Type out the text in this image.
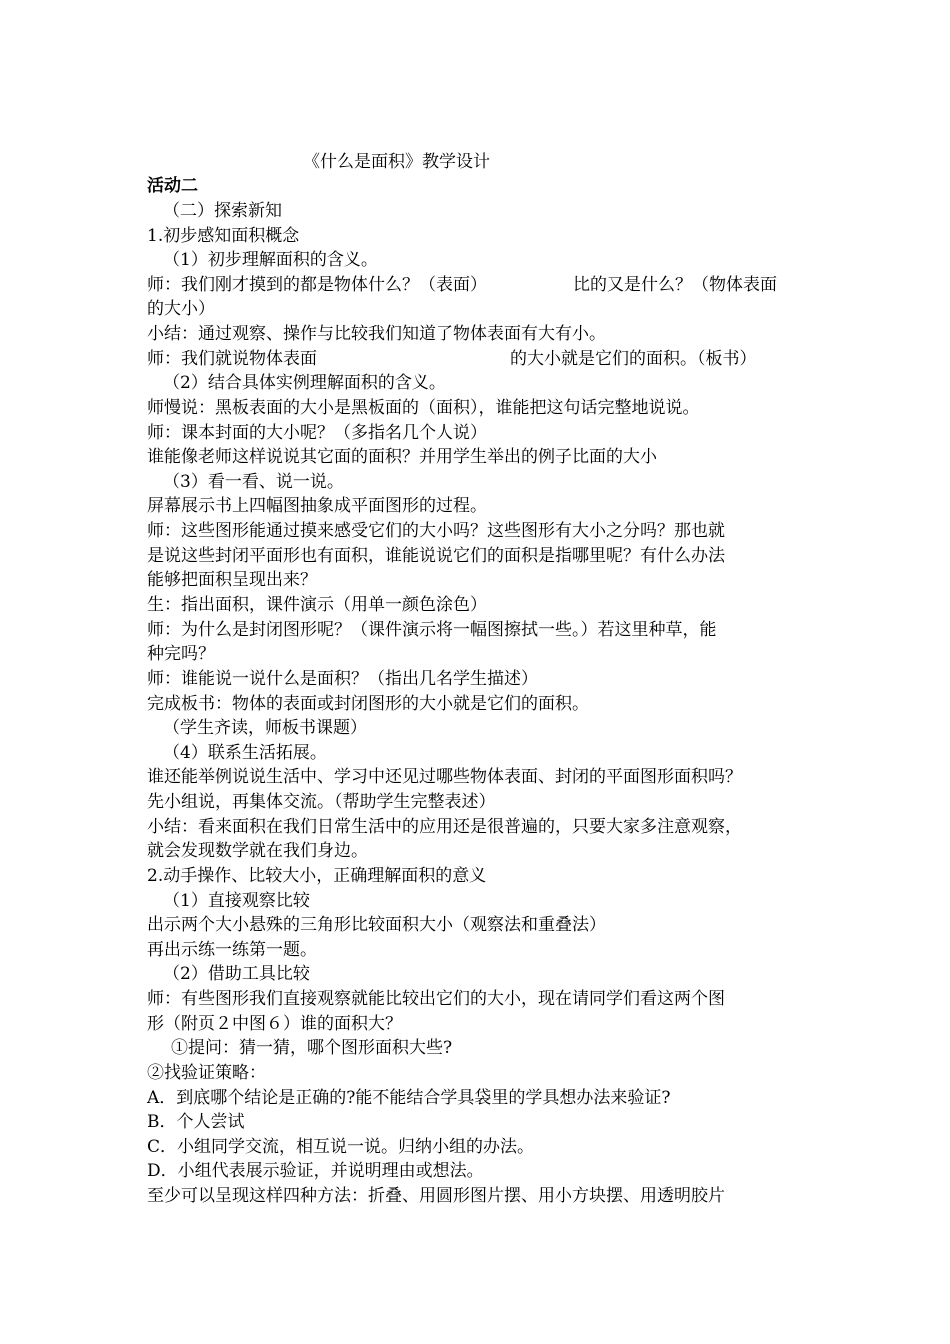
《什么是面积》教学设计
活动二
（二）探索新知
1.初步感知面积概念
（1）初步理解面积的含义。
师：我们刚才摸到的都是物体什么？（表面）	比的又是什么？（物体表面
的大小）
小结：通过观察、操作与比较我们知道了物体表面有大有小。
师：我们就说物体表面	的大小就是它们的面积。（板书）
（2）结合具体实例理解面积的含义。
师慢说：黑板表面的大小是黑板面的（面积），谁能把这句话完整地说说。
师：课本封面的大小呢？（多指名几个人说）
谁能像老师这样说说其它面的面积？并用学生举出的例子比面的大小
（3）看一看、说一说。
屏幕展示书上四幅图抽象成平面图形的过程。
师：这些图形能通过摸来感受它们的大小吗？这些图形有大小之分吗？那也就
是说这些封闭平面形也有面积，谁能说说它们的面积是指哪里呢？有什么办法
能够把面积呈现出来？
生：指出面积，课件演示（用单一颜色涂色）
师：为什么是封闭图形呢？（课件演示将一幅图擦拭一些。）若这里种草，能
种完吗？
师：谁能说一说什么是面积？（指出几名学生描述）
完成板书：物体的表面或封闭图形的大小就是它们的面积。
（学生齐读，师板书课题）
（4）联系生活拓展。
谁还能举例说说生活中、学习中还见过哪些物体表面、封闭的平面图形面积吗？
先小组说，再集体交流。（帮助学生完整表述）
小结：看来面积在我们日常生活中的应用还是很普遍的，只要大家多注意观察，
就会发现数学就在我们身边。
2.动手操作、比较大小，正确理解面积的意义
（1）直接观察比较
出示两个大小悬殊的三角形比较面积大小（观察法和重叠法）
再出示练一练第一题。
（2）借助工具比较
师：有些图形我们直接观察就能比较出它们的大小，现在请同学们看这两个图
形（附页２中图６）谁的面积大？
①提问：猜一猜，哪个图形面积大些?
②找验证策略：
A．到底哪个结论是正确的?能不能结合学具袋里的学具想办法来验证?
B．个人尝试
C．小组同学交流，相互说一说。归纳小组的办法。
D．小组代表展示验证，并说明理由或想法。
至少可以呈现这样四种方法：折叠、用圆形图片摆、用小方块摆、用透明胶片
